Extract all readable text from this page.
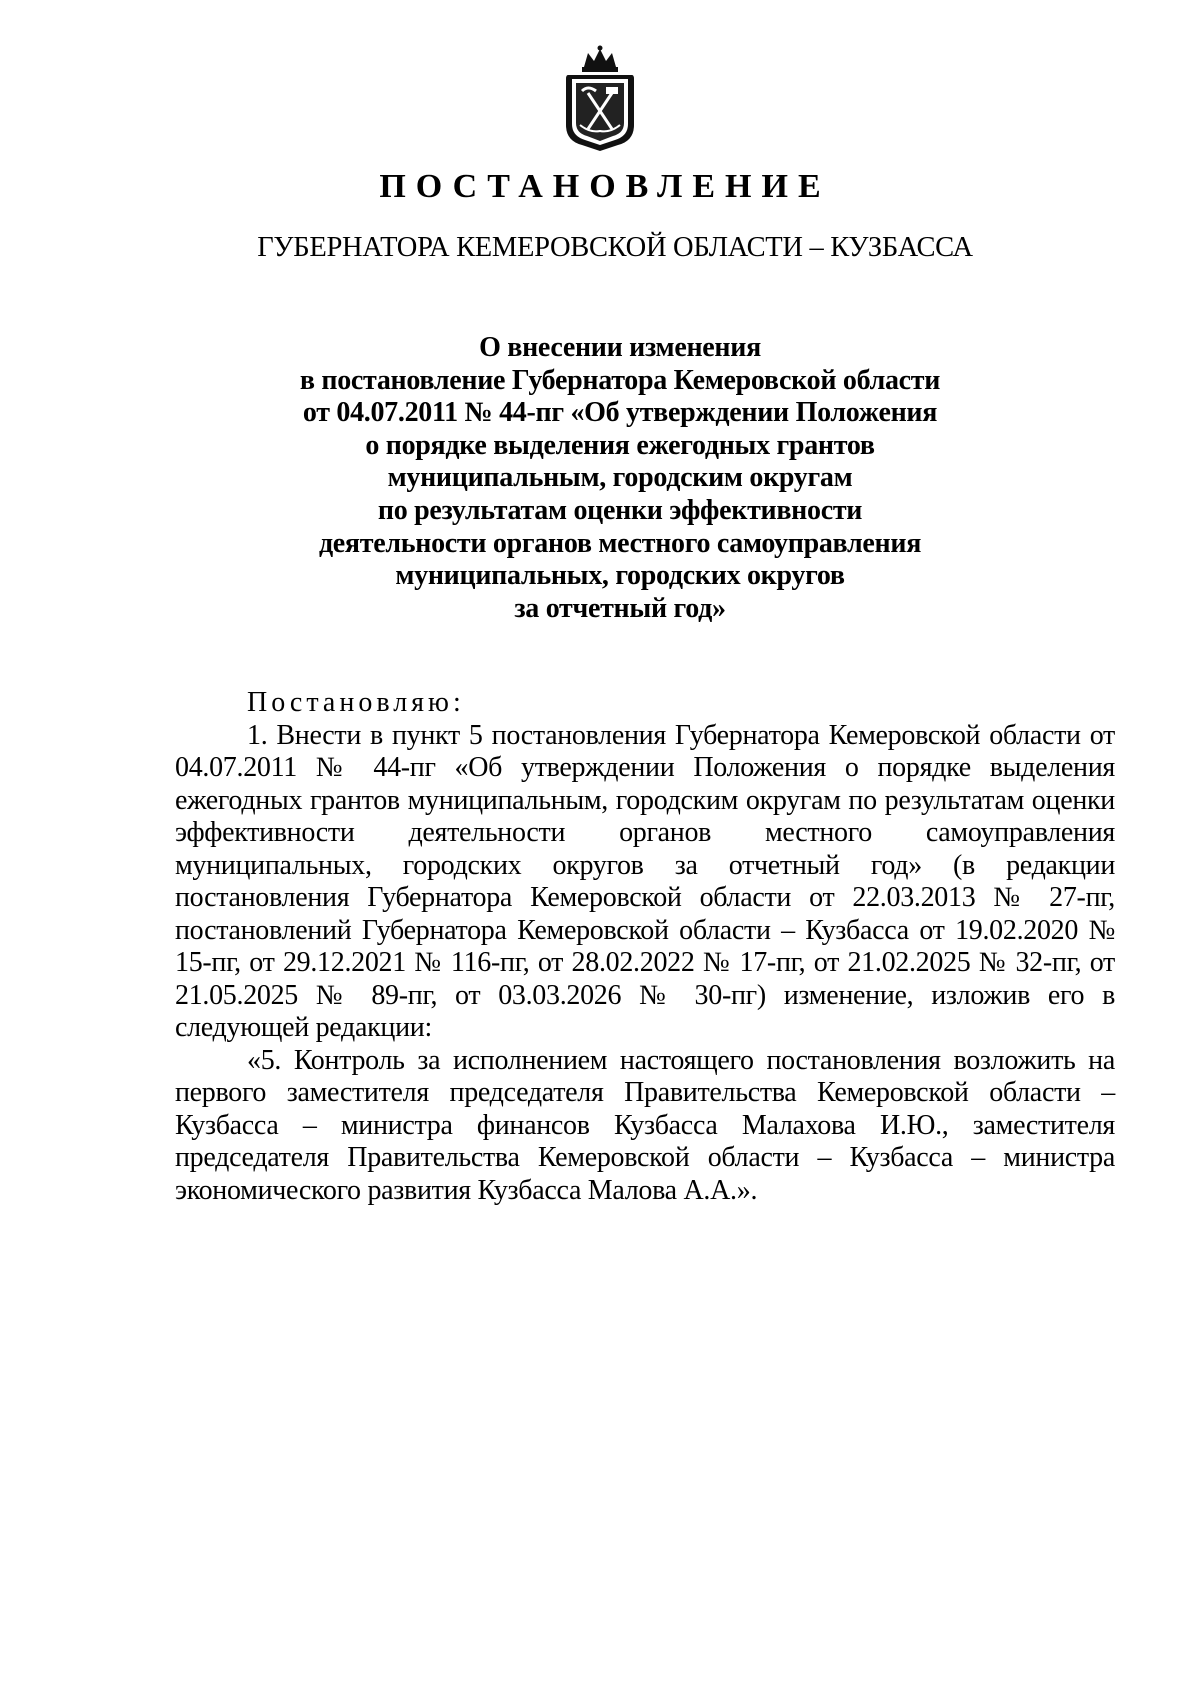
ПОСТАНОВЛЕНИЕ
ГУБЕРНАТОРА КЕМЕРОВСКОЙ ОБЛАСТИ – КУЗБАССА
О внесении изменения
в постановление Губернатора Кемеровской области
от 04.07.2011 № 44-пг «Об утверждении Положения
о порядке выделения ежегодных грантов
муниципальным, городским округам
по результатам оценки эффективности
деятельности органов местного самоуправления
муниципальных, городских округов
за отчетный год»
Постановляю:

1. Внести в пункт 5 постановления Губернатора Кемеровской области от 04.07.2011 № 44-пг «Об утверждении Положения о порядке выделения ежегодных грантов муниципальным, городским округам по результатам оценки эффективности деятельности органов местного самоуправления муниципальных, городских округов за отчетный год» (в редакции постановления Губернатора Кемеровской области от 22.03.2013 № 27-пг, постановлений Губернатора Кемеровской области – Кузбасса от 19.02.2020 № 15-пг, от 29.12.2021 № 116-пг, от 28.02.2022 № 17-пг, от 21.02.2025 № 32-пг, от 21.05.2025 № 89-пг, от 03.03.2026 № 30-пг) изменение, изложив его в следующей редакции:

«5. Контроль за исполнением настоящего постановления возложить на первого заместителя председателя Правительства Кемеровской области – Кузбасса – министра финансов Кузбасса Малахова И.Ю., заместителя председателя Правительства Кемеровской области – Кузбасса – министра экономического развития Кузбасса Малова А.А.».
